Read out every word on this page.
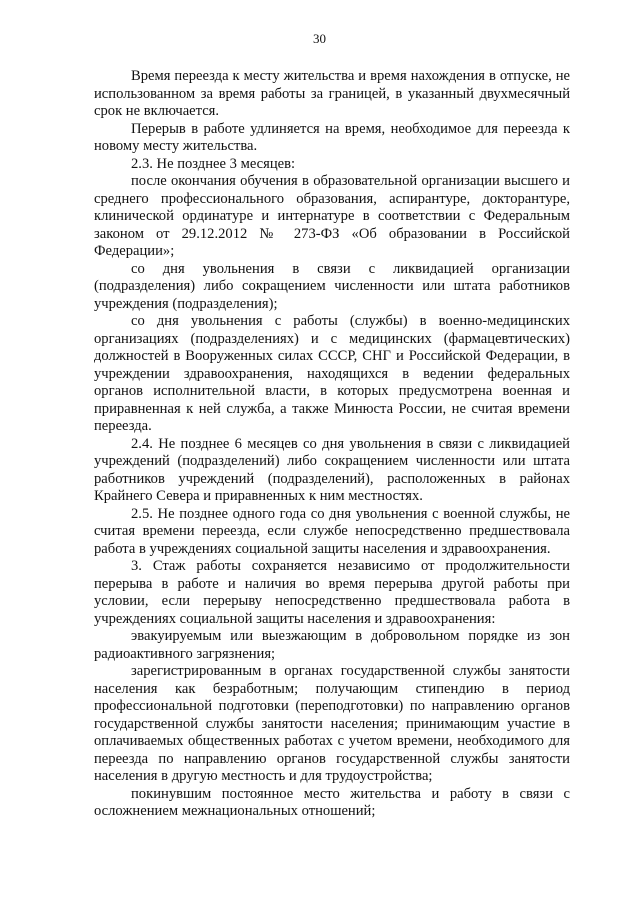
30

Время переезда к месту жительства и время нахождения в отпуске, не использованном за время работы за границей, в указанный двухмесячный срок не включается.

Перерыв в работе удлиняется на время, необходимое для переезда к новому месту жительства.

2.3. Не позднее 3 месяцев:

после окончания обучения в образовательной организации высшего и среднего профессионального образования, аспирантуре, докторантуре, клинической ординатуре и интернатуре в соответствии с Федеральным законом от 29.12.2012 № 273-ФЗ «Об образовании в Российской Федерации»;

со дня увольнения в связи с ликвидацией организации (подразделения) либо сокращением численности или штата работников учреждения (подразделения);

со дня увольнения с работы (службы) в военно-медицинских организациях (подразделениях) и с медицинских (фармацевтических) должностей в Вооруженных силах СССР, СНГ и Российской Федерации, в учреждении здравоохранения, находящихся в ведении федеральных органов исполнительной власти, в которых предусмотрена военная и приравненная к ней служба, а также Минюста России, не считая времени переезда.

2.4. Не позднее 6 месяцев со дня увольнения в связи с ликвидацией учреждений (подразделений) либо сокращением численности или штата работников учреждений (подразделений), расположенных в районах Крайнего Севера и приравненных к ним местностях.

2.5. Не позднее одного года со дня увольнения с военной службы, не считая времени переезда, если службе непосредственно предшествовала работа в учреждениях социальной защиты населения и здравоохранения.

3. Стаж работы сохраняется независимо от продолжительности перерыва в работе и наличия во время перерыва другой работы при условии, если перерыву непосредственно предшествовала работа в учреждениях социальной защиты населения и здравоохранения:

эвакуируемым или выезжающим в добровольном порядке из зон радиоактивного загрязнения;

зарегистрированным в органах государственной службы занятости населения как безработным; получающим стипендию в период профессиональной подготовки (переподготовки) по направлению органов государственной службы занятости населения; принимающим участие в оплачиваемых общественных работах с учетом времени, необходимого для переезда по направлению органов государственной службы занятости населения в другую местность и для трудоустройства;

покинувшим постоянное место жительства и работу в связи с осложнением межнациональных отношений;
